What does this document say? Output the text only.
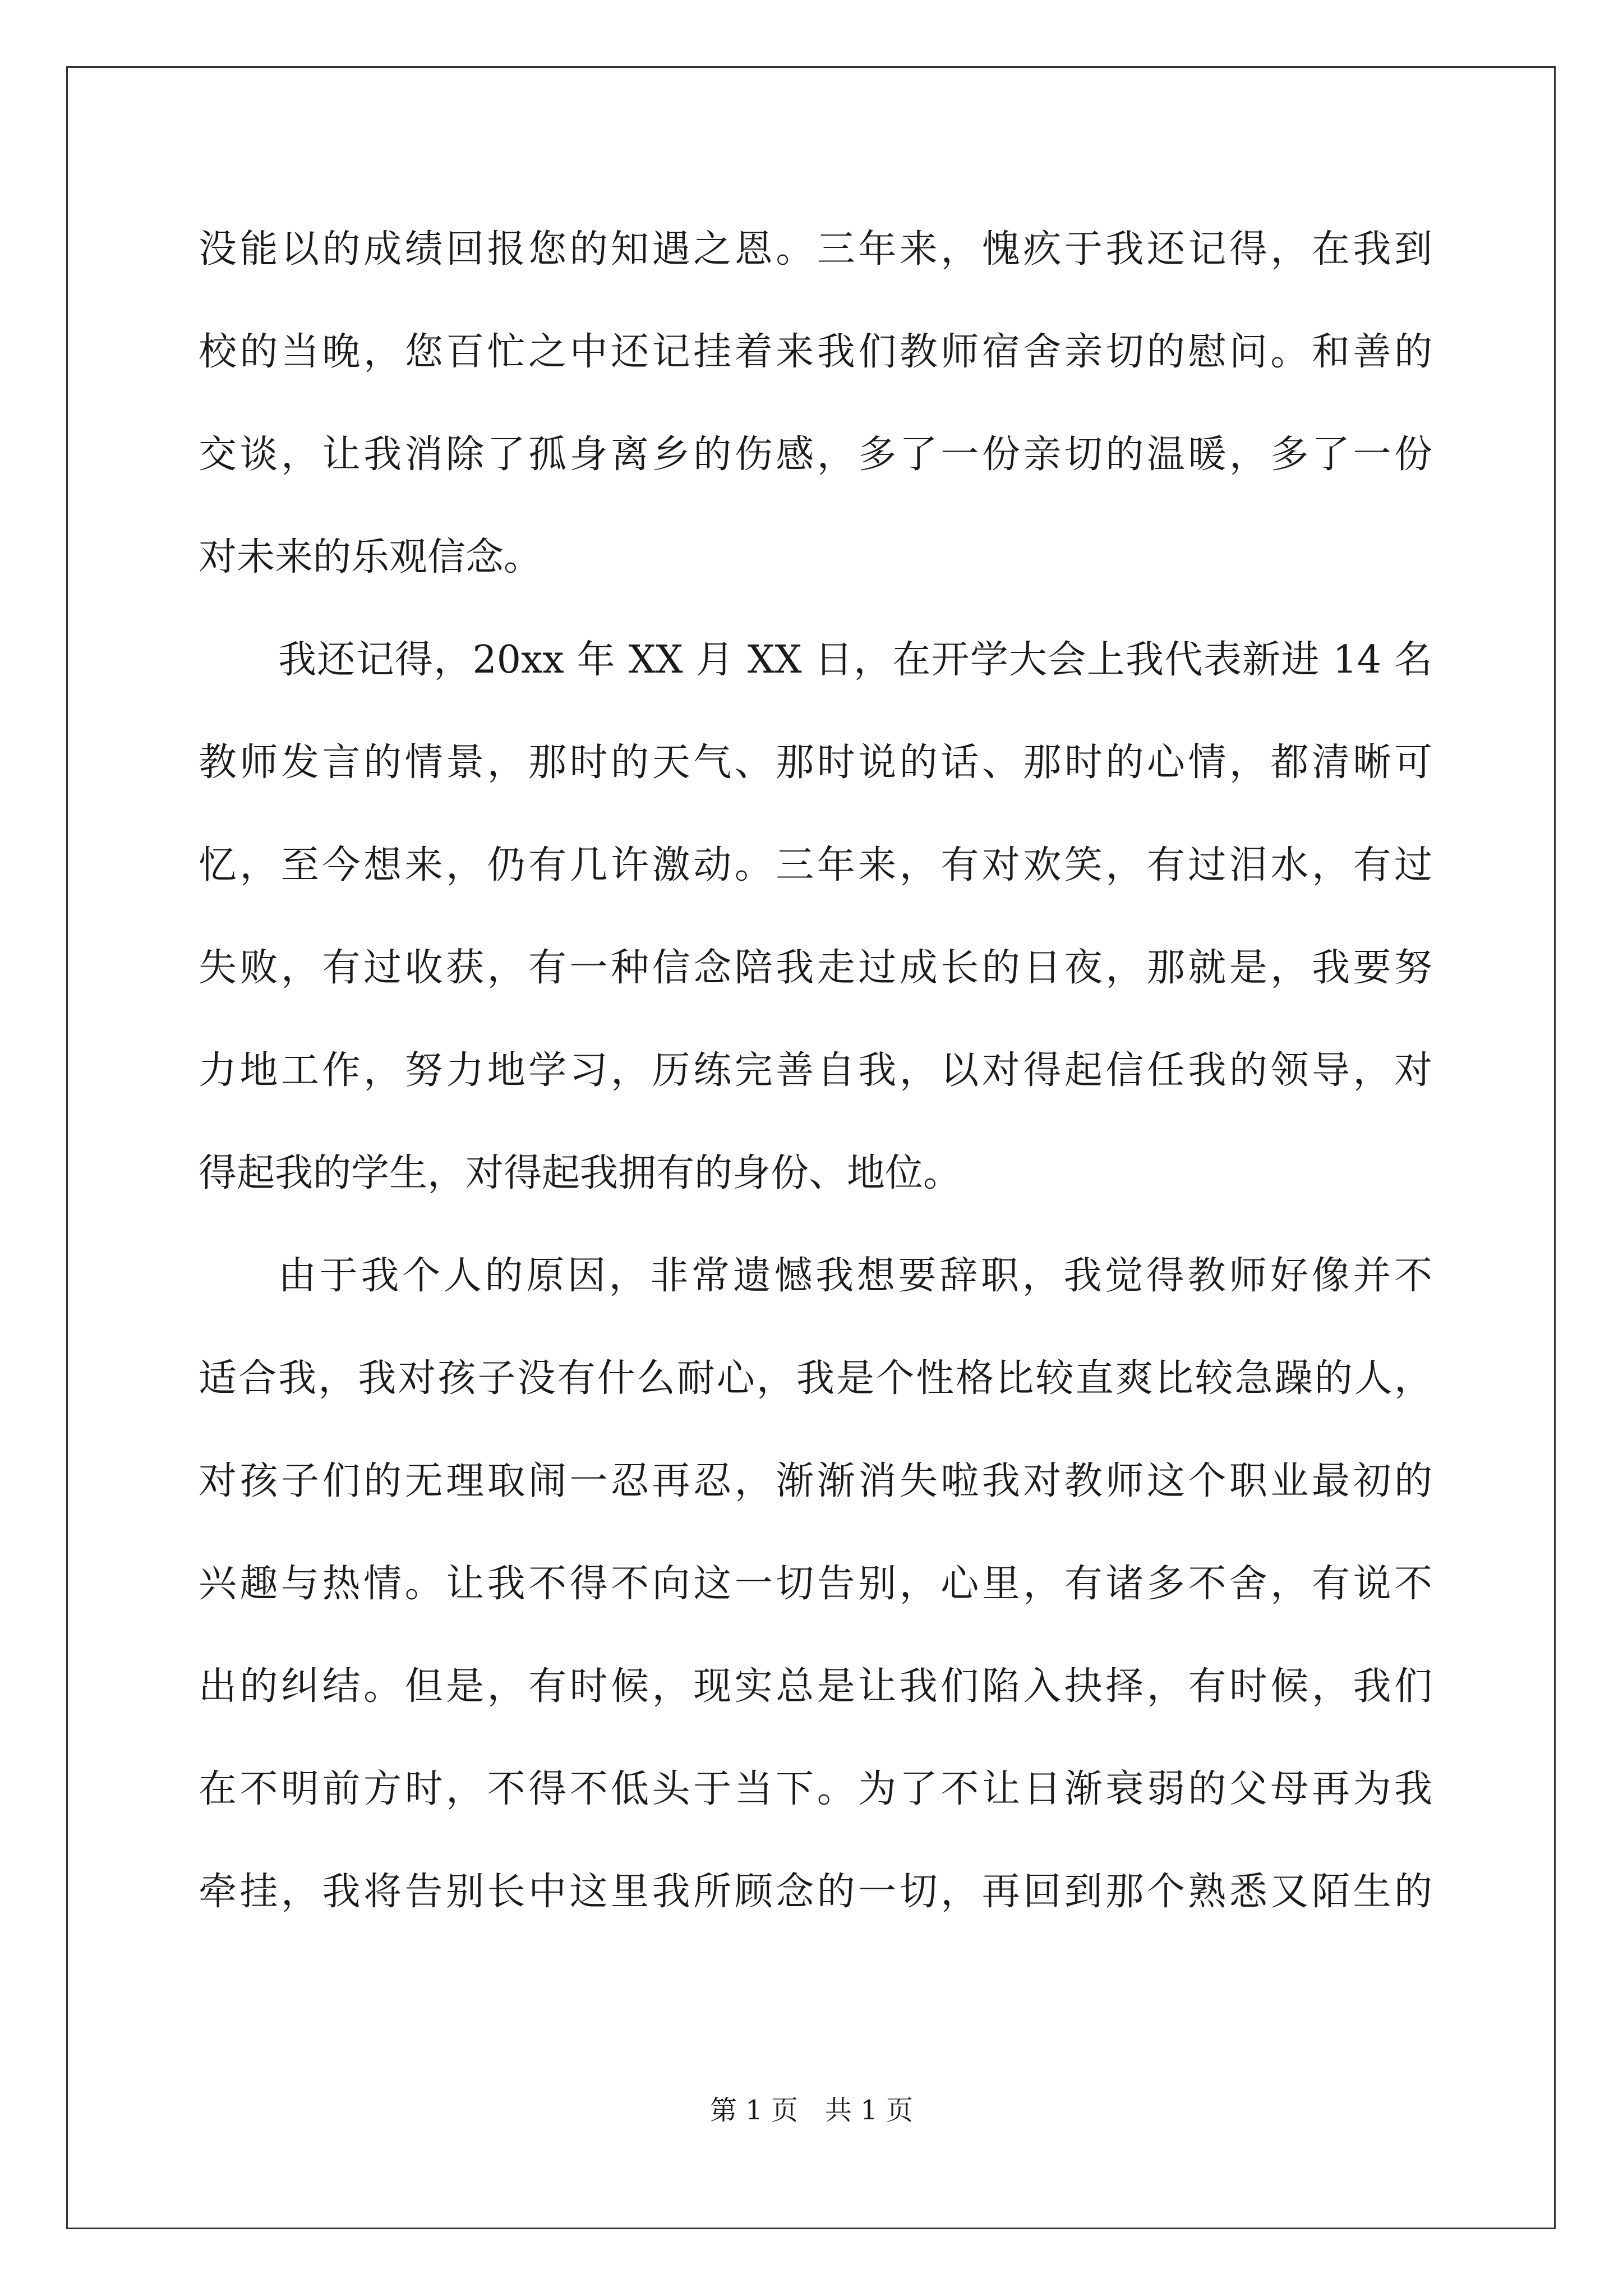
没能以的成绩回报您的知遇之恩。三年来，愧疚于我还记得，在我到
校的当晚，您百忙之中还记挂着来我们教师宿舍亲切的慰问。和善的
交谈，让我消除了孤身离乡的伤感，多了一份亲切的温暖，多了一份
对未来的乐观信念。
我还记得，20xx 年 XX 月 XX 日，在开学大会上我代表新进 14 名
教师发言的情景，那时的天气、那时说的话、那时的心情，都清晰可
忆，至今想来，仍有几许激动。三年来，有对欢笑，有过泪水，有过
失败，有过收获，有一种信念陪我走过成长的日夜，那就是，我要努
力地工作，努力地学习，历练完善自我，以对得起信任我的领导，对
得起我的学生，对得起我拥有的身份、地位。
由于我个人的原因，非常遗憾我想要辞职，我觉得教师好像并不
适合我，我对孩子没有什么耐心，我是个性格比较直爽比较急躁的人，
对孩子们的无理取闹一忍再忍，渐渐消失啦我对教师这个职业最初的
兴趣与热情。让我不得不向这一切告别，心里，有诸多不舍，有说不
出的纠结。但是，有时候，现实总是让我们陷入抉择，有时候，我们
在不明前方时，不得不低头于当下。为了不让日渐衰弱的父母再为我
牵挂，我将告别长中这里我所顾念的一切，再回到那个熟悉又陌生的
第 1 页　共 1 页
